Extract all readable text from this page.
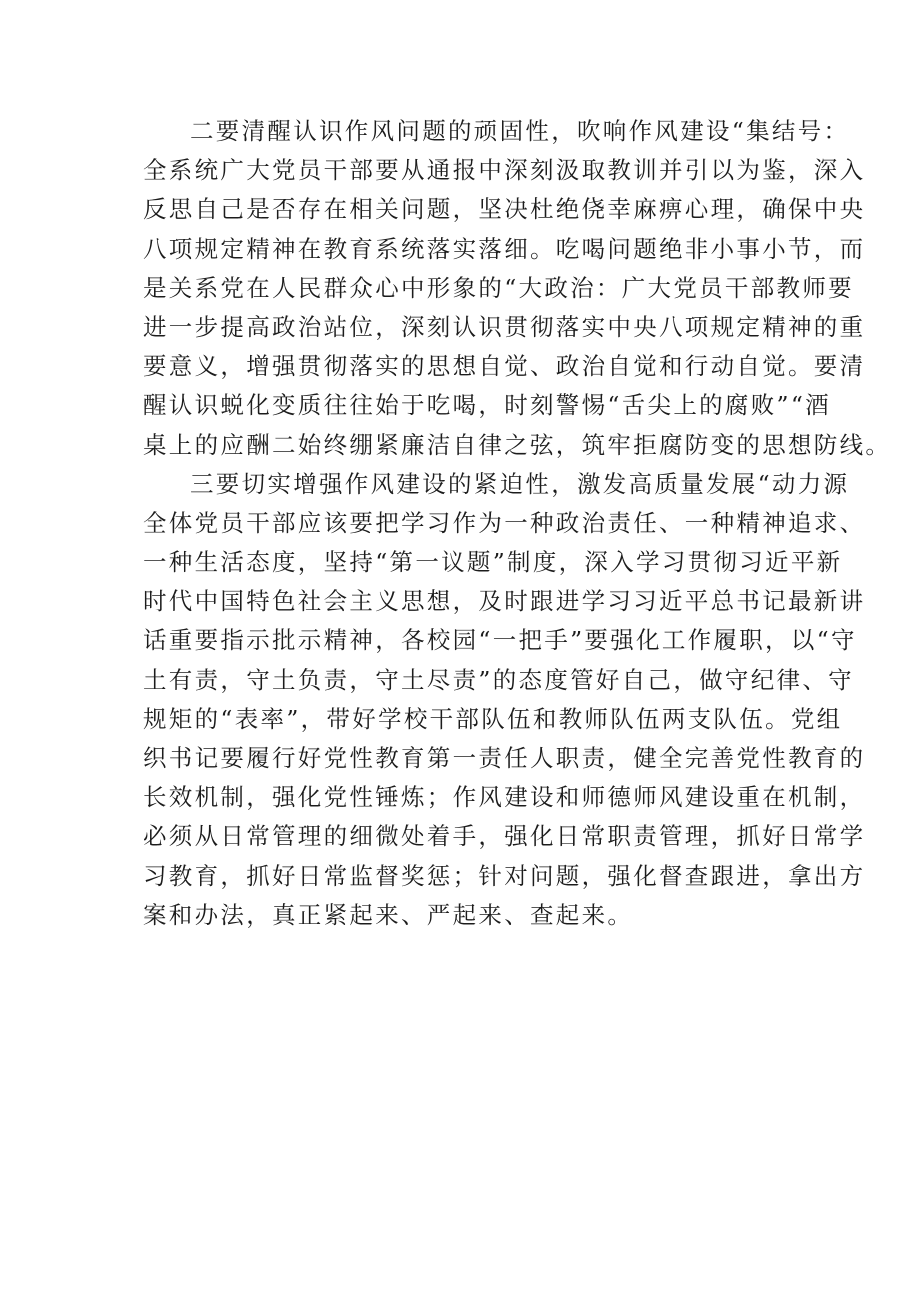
二要清醒认识作风问题的顽固性，吹响作风建设“集结号：
全系统广大党员干部要从通报中深刻汲取教训并引以为鉴，深入
反思自己是否存在相关问题，坚决杜绝侥幸麻痹心理，确保中央
八项规定精神在教育系统落实落细。吃喝问题绝非小事小节，而
是关系党在人民群众心中形象的“大政治：广大党员干部教师要
进一步提高政治站位，深刻认识贯彻落实中央八项规定精神的重
要意义，增强贯彻落实的思想自觉、政治自觉和行动自觉。要清
醒认识蜕化变质往往始于吃喝，时刻警惕“舌尖上的腐败”“酒
桌上的应酬二始终绷紧廉洁自律之弦，筑牢拒腐防变的思想防线。
三要切实增强作风建设的紧迫性，激发高质量发展“动力源
全体党员干部应该要把学习作为一种政治责任、一种精神追求、
一种生活态度，坚持“第一议题”制度，深入学习贯彻习近平新
时代中国特色社会主义思想，及时跟进学习习近平总书记最新讲
话重要指示批示精神，各校园“一把手”要强化工作履职，以“守
土有责，守土负责，守土尽责”的态度管好自己，做守纪律、守
规矩的“表率”，带好学校干部队伍和教师队伍两支队伍。党组
织书记要履行好党性教育第一责任人职责，健全完善党性教育的
长效机制，强化党性锤炼；作风建设和师德师风建设重在机制，
必须从日常管理的细微处着手，强化日常职责管理，抓好日常学
习教育，抓好日常监督奖惩；针对问题，强化督查跟进，拿出方
案和办法，真正紧起来、严起来、查起来。
